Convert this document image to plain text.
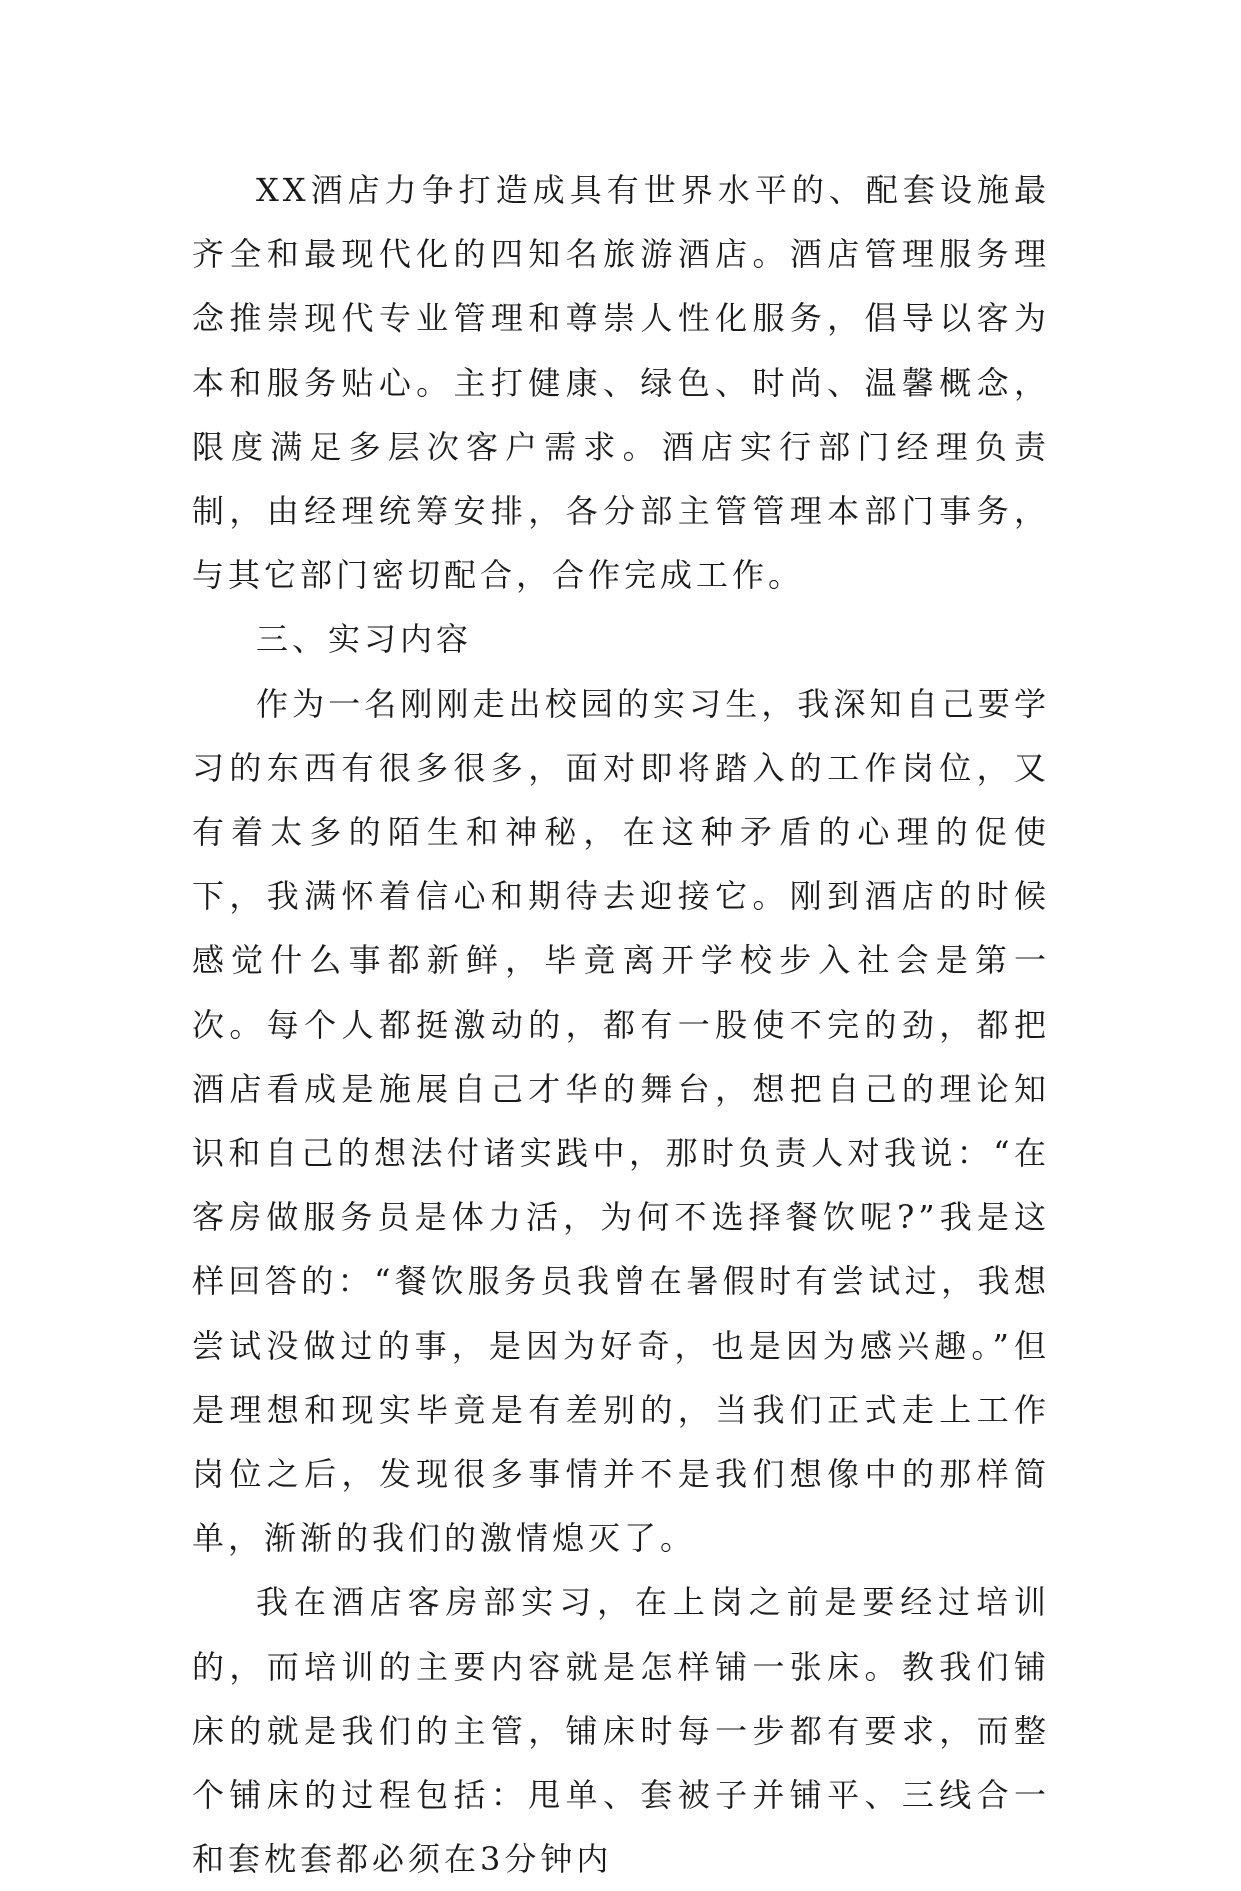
XX酒店力争打造成具有世界水平的、配套设施最齐全和最现代化的四知名旅游酒店。酒店管理服务理念推崇现代专业管理和尊崇人性化服务，倡导以客为本和服务贴心。主打健康、绿色、时尚、温馨概念，限度满足多层次客户需求。酒店实行部门经理负责制，由经理统筹安排，各分部主管管理本部门事务，与其它部门密切配合，合作完成工作。

三、实习内容

作为一名刚刚走出校园的实习生，我深知自己要学习的东西有很多很多，面对即将踏入的工作岗位，又有着太多的陌生和神秘，在这种矛盾的心理的促使下，我满怀着信心和期待去迎接它。刚到酒店的时候感觉什么事都新鲜，毕竟离开学校步入社会是第一次。每个人都挺激动的，都有一股使不完的劲，都把酒店看成是施展自己才华的舞台，想把自己的理论知识和自己的想法付诸实践中，那时负责人对我说：“在客房做服务员是体力活，为何不选择餐饮呢?”我是这样回答的：“餐饮服务员我曾在暑假时有尝试过，我想尝试没做过的事，是因为好奇，也是因为感兴趣。”但是理想和现实毕竟是有差别的，当我们正式走上工作岗位之后，发现很多事情并不是我们想像中的那样简单，渐渐的我们的激情熄灭了。

我在酒店客房部实习，在上岗之前是要经过培训的，而培训的主要内容就是怎样铺一张床。教我们铺床的就是我们的主管，铺床时每一步都有要求，而整个铺床的过程包括：甩单、套被子并铺平、三线合一和套枕套都必须在3分钟内
